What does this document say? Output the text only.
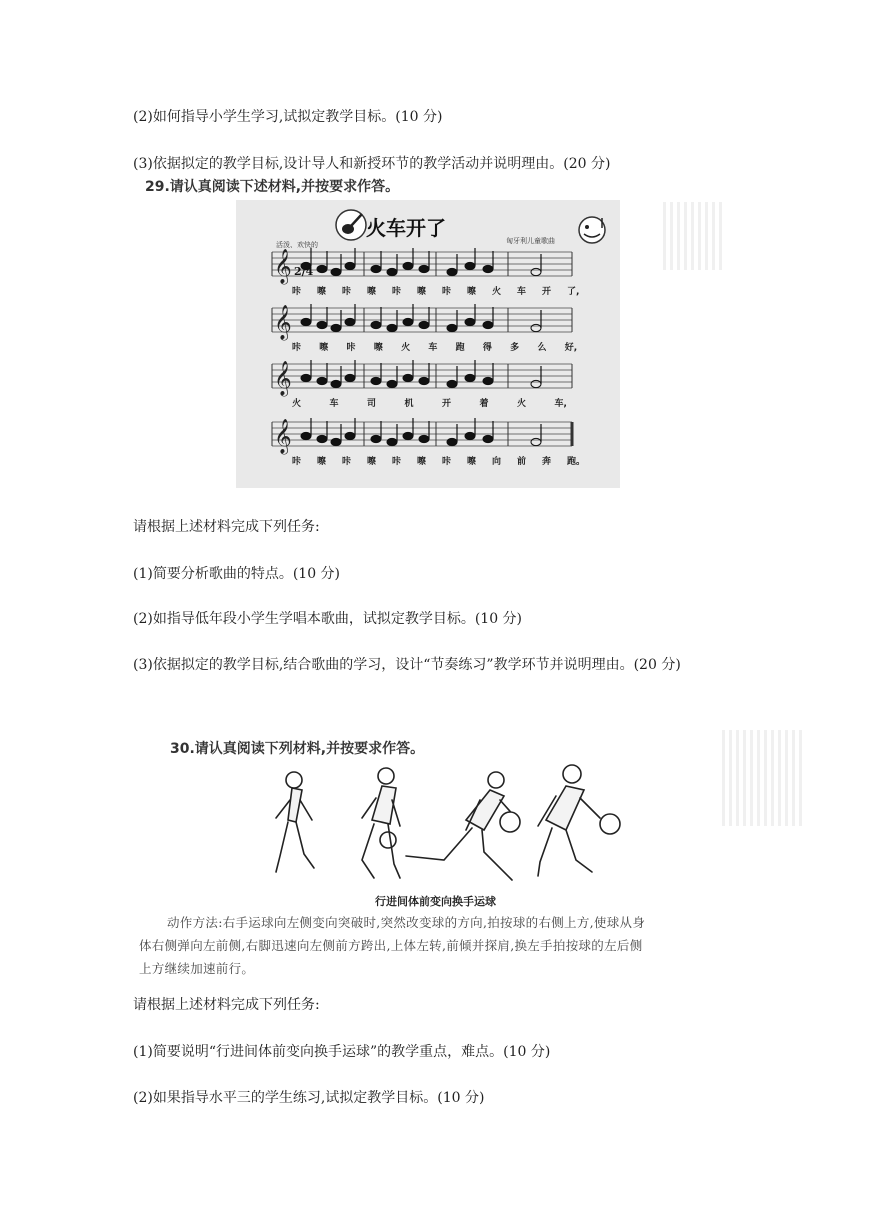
(2)如何指导小学生学习,试拟定教学目标。(10 分)
(3)依据拟定的教学目标,设计导人和新授环节的教学活动并说明理由。(20 分)
29.请认真阅读下述材料,并按要求作答。
火车开了
活泼、欢快的	匈牙利儿童歌曲
𝄞
𝄞
𝄞
𝄞
2/4
咔 嚓 咔 嚓 咔 嚓 咔 嚓 火 车 开 了,
咔 嚓 咔 嚓 火 车 跑 得 多 么 好,
火	车	司	机	开	着	火	车,
咔 嚓 咔 嚓 咔 嚓 咔 嚓 向 前 奔 跑。
请根据上述材料完成下列任务:
(1)简要分析歌曲的特点。(10 分)
(2)如指导低年段小学生学唱本歌曲，试拟定教学目标。(10 分)
(3)依据拟定的教学目标,结合歌曲的学习，设计“节奏练习”教学环节并说明理由。(20 分)
30.请认真阅读下列材料,并按要求作答。
行进间体前变向换手运球
动作方法:右手运球向左侧变向突破时,突然改变球的方向,拍按球的右侧上方,使球从身
体右侧弹向左前侧,右脚迅速向左侧前方跨出,上体左转,前倾并探肩,换左手拍按球的左后侧
上方继续加速前行。
请根据上述材料完成下列任务:
(1)简要说明“行进间体前变向换手运球”的教学重点，难点。(10 分)
(2)如果指导水平三的学生练习,试拟定教学目标。(10 分)
